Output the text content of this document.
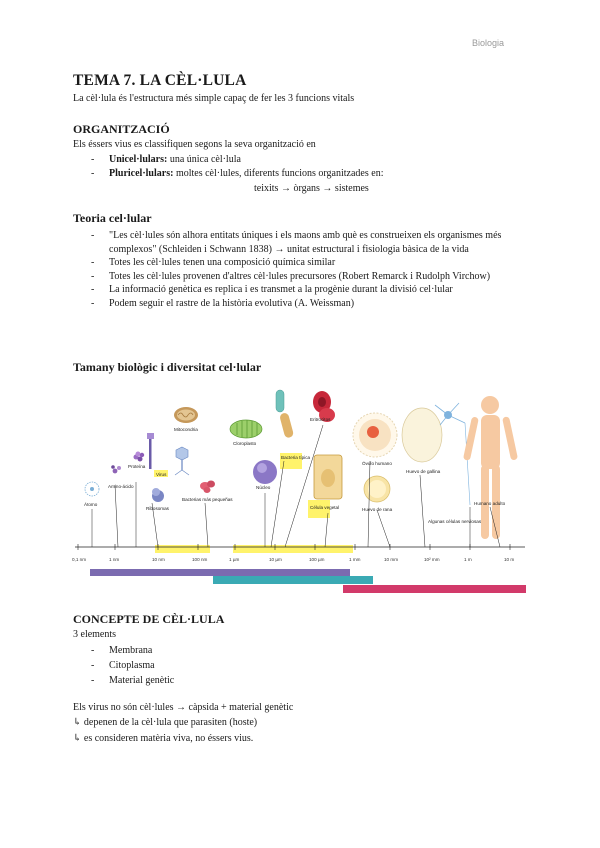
Biologia
TEMA 7. LA CÈL·LULA
La cèl·lula és l'estructura més simple capaç de fer les 3 funcions vitals
ORGANITZACIÓ
Els éssers vius es classifiquen segons la seva organització en
- Unicel·lulars: una única cèl·lula
- Pluricel·lulars: moltes cèl·lules, diferents funcions organitzades en:
teixits → òrgans → sistemes
Teoria cel·lular
- "Les cèl·lules són alhora entitats úniques i els maons amb què es construeixen els organismes més complexos" (Schleiden i Schwann 1838) → unitat estructural i fisiologia bàsica de la vida
- Totes les cèl·lules tenen una composició química similar
- Totes les cèl·lules provenen d'altres cèl·lules precursores (Robert Remarck i Rudolph Virchow)
- La informació genètica es replica i es transmet a la progènie durant la divisió cel·lular
- Podem seguir el rastre de la història evolutiva (A. Weissman)
Tamany biològic i diversitat cel·lular
Átomo
Amino-ácido
Proteína
Mitocondria
Virus
Ribosomas
Bacterias más pequeñas
Cloroplasto
Núcleo
Bacteria típica
Eritrocitos
Célula vegetal
Óvulo humano
Huevo de rana
Huevo de gallina
Algunas células nerviosas
Humano adulto
0,1 nm	1 nm	10 nm	100 nm	1 µm	10 µm	100 µm	1 mm	10 mm	10² mm	1 m	10 m
CONCEPTE DE CÈL·LULA
3 elements
- Membrana
- Citoplasma
- Material genètic
Els virus no són cèl·lules → càpsida + material genètic
↳ depenen de la cèl·lula que parasiten (hoste)
↳ es consideren matèria viva, no éssers vius.
